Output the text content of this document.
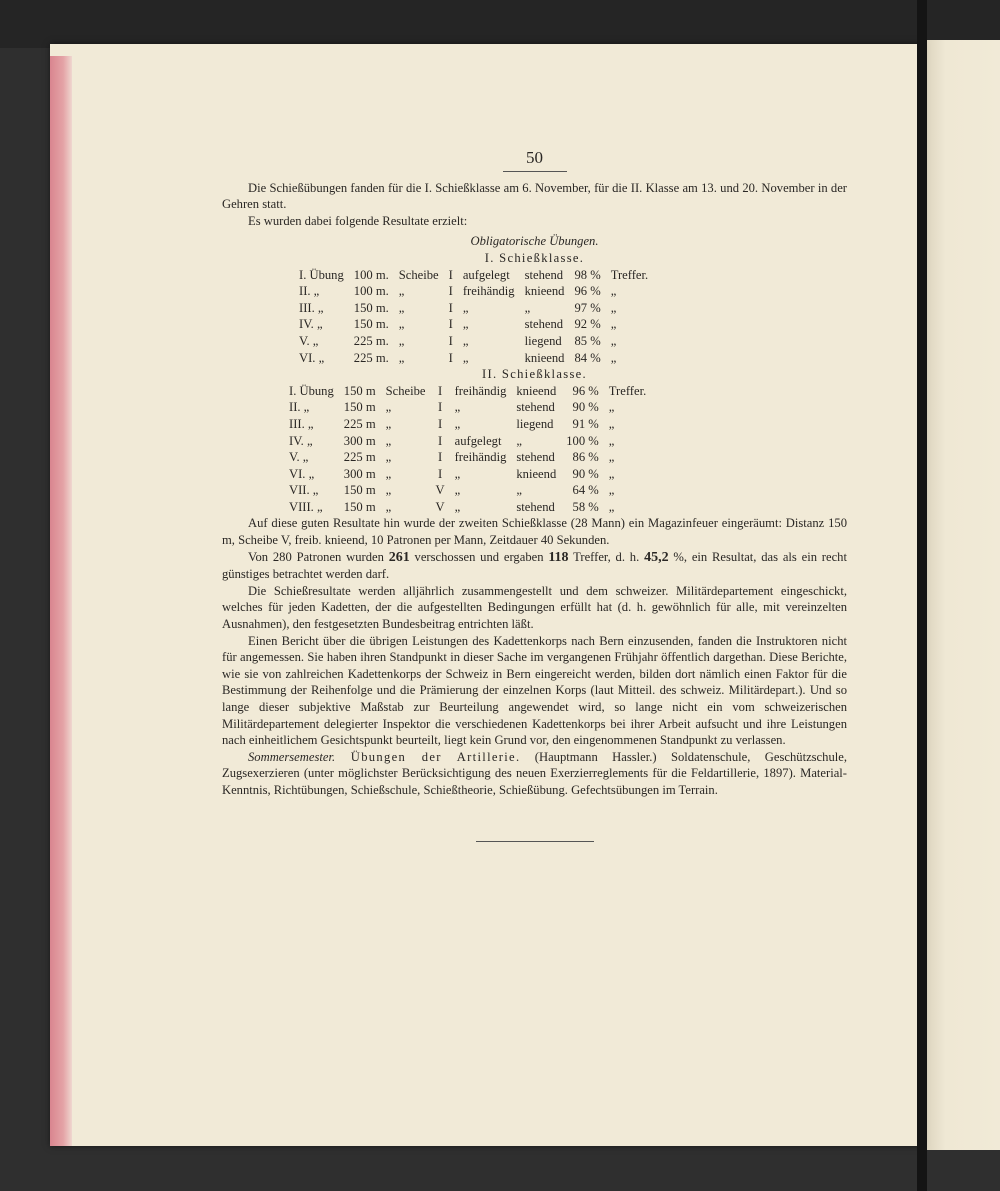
50

Die Schießübungen fanden für die I. Schießklasse am 6. November, für die II. Klasse am 13. und 20. November in der Gehren statt.

Es wurden dabei folgende Resultate erzielt:

Obligatorische Übungen.

I. Schießklasse.

I. Übung	100 m.	Scheibe	I	aufgelegt	stehend	98 %	Treffer.
II. „	100 m.	„	I	freihändig	knieend	96 %	„
III. „	150 m.	„	I	„	„	97 %	„
IV. „	150 m.	„	I	„	stehend	92 %	„
V. „	225 m.	„	I	„	liegend	85 %	„
VI. „	225 m.	„	I	„	knieend	84 %	„

II. Schießklasse.

I. Übung	150 m	Scheibe	I	freihändig	knieend	96 %	Treffer.
II. „	150 m	„	I	„	stehend	90 %	„
III. „	225 m	„	I	„	liegend	91 %	„
IV. „	300 m	„	I	aufgelegt	„	100 %	„
V. „	225 m	„	I	freihändig	stehend	86 %	„
VI. „	300 m	„	I	„	knieend	90 %	„
VII. „	150 m	„	V	„	„	64 %	„
VIII. „	150 m	„	V	„	stehend	58 %	„

Auf diese guten Resultate hin wurde der zweiten Schießklasse (28 Mann) ein Magazinfeuer eingeräumt: Distanz 150 m, Scheibe V, freib. knieend, 10 Patronen per Mann, Zeitdauer 40 Sekunden.

Von 280 Patronen wurden 261 verschossen und ergaben 118 Treffer, d. h. 45,2 %, ein Resultat, das als ein recht günstiges betrachtet werden darf.

Die Schießresultate werden alljährlich zusammengestellt und dem schweizer. Militärdepartement eingeschickt, welches für jeden Kadetten, der die aufgestellten Bedingungen erfüllt hat (d. h. gewöhnlich für alle, mit vereinzelten Ausnahmen), den festgesetzten Bundesbeitrag entrichten läßt.

Einen Bericht über die übrigen Leistungen des Kadettenkorps nach Bern einzusenden, fanden die Instruktoren nicht für angemessen. Sie haben ihren Standpunkt in dieser Sache im vergangenen Frühjahr öffentlich dargethan. Diese Berichte, wie sie von zahlreichen Kadettenkorps der Schweiz in Bern eingereicht werden, bilden dort nämlich einen Faktor für die Bestimmung der Reihenfolge und die Prämierung der einzelnen Korps (laut Mitteil. des schweiz. Militärdepart.). Und so lange dieser subjektive Maßstab zur Beurteilung angewendet wird, so lange nicht ein vom schweizerischen Militärdepartement delegierter Inspektor die verschiedenen Kadettenkorps bei ihrer Arbeit aufsucht und ihre Leistungen nach einheitlichem Gesichtspunkt beurteilt, liegt kein Grund vor, den eingenommenen Standpunkt zu verlassen.

Sommersemester. Übungen der Artillerie. (Hauptmann Hassler.) Soldatenschule, Geschützschule, Zugsexerzieren (unter möglichster Berücksichtigung des neuen Exerzierreglements für die Feldartillerie, 1897). Material-Kenntnis, Richtübungen, Schießschule, Schießtheorie, Schießübung. Gefechtsübungen im Terrain.
